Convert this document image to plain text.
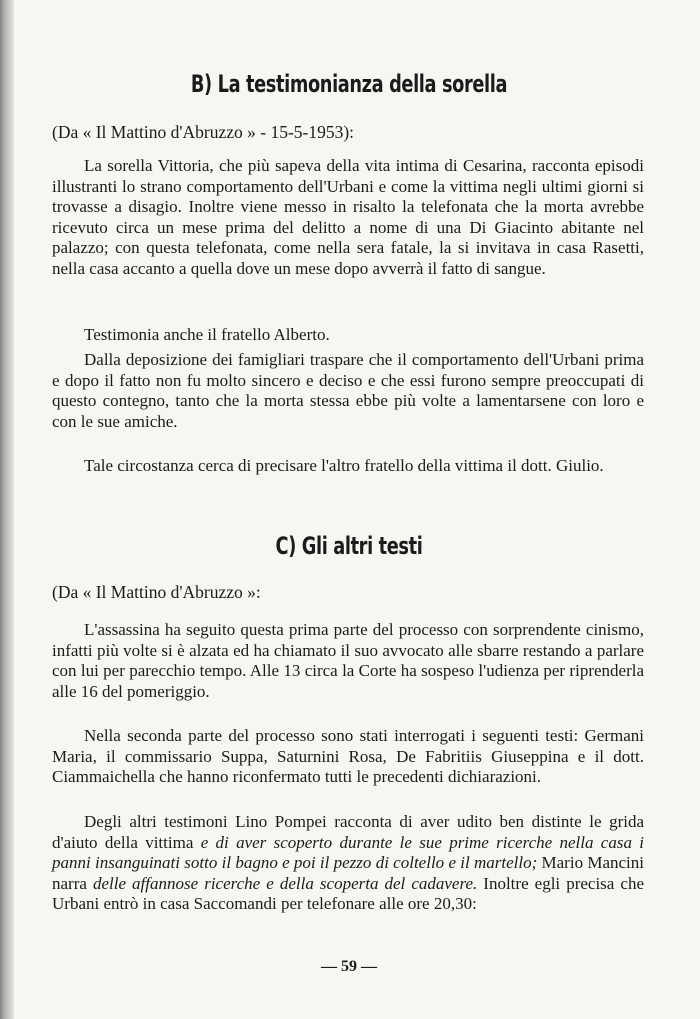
B) La testimonianza della sorella

(Da « Il Mattino d'Abruzzo » - 15-5-1953):

La sorella Vittoria, che più sapeva della vita intima di Cesarina, racconta episodi illustranti lo strano comportamento dell'Urbani e come la vittima negli ultimi giorni si trovasse a disagio. Inoltre viene messo in risalto la telefonata che la morta avrebbe ricevuto circa un mese prima del delitto a nome di una Di Giacinto abitante nel palazzo; con questa telefonata, come nella sera fatale, la si invitava in casa Rasetti, nella casa accanto a quella dove un mese dopo avverrà il fatto di sangue.

Testimonia anche il fratello Alberto.

Dalla deposizione dei famigliari traspare che il comportamento dell'Urbani prima e dopo il fatto non fu molto sincero e deciso e che essi furono sempre preoccupati di questo contegno, tanto che la morta stessa ebbe più volte a lamentarsene con loro e con le sue amiche.

Tale circostanza cerca di precisare l'altro fratello della vittima il dott. Giulio.

C) Gli altri testi

(Da « Il Mattino d'Abruzzo »:

L'assassina ha seguito questa prima parte del processo con sorprendente cinismo, infatti più volte si è alzata ed ha chiamato il suo avvocato alle sbarre restando a parlare con lui per parecchio tempo. Alle 13 circa la Corte ha sospeso l'udienza per riprenderla alle 16 del pomeriggio.

Nella seconda parte del processo sono stati interrogati i seguenti testi: Germani Maria, il commissario Suppa, Saturnini Rosa, De Fabritiis Giuseppina e il dott. Ciammaichella che hanno riconfermato tutti le precedenti dichiarazioni.

Degli altri testimoni Lino Pompei racconta di aver udito ben distinte le grida d'aiuto della vittima e di aver scoperto durante le sue prime ricerche nella casa i panni insanguinati sotto il bagno e poi il pezzo di coltello e il martello; Mario Mancini narra delle affannose ricerche e della scoperta del cadavere. Inoltre egli precisa che Urbani entrò in casa Saccomandi per telefonare alle ore 20,30:

— 59 —
